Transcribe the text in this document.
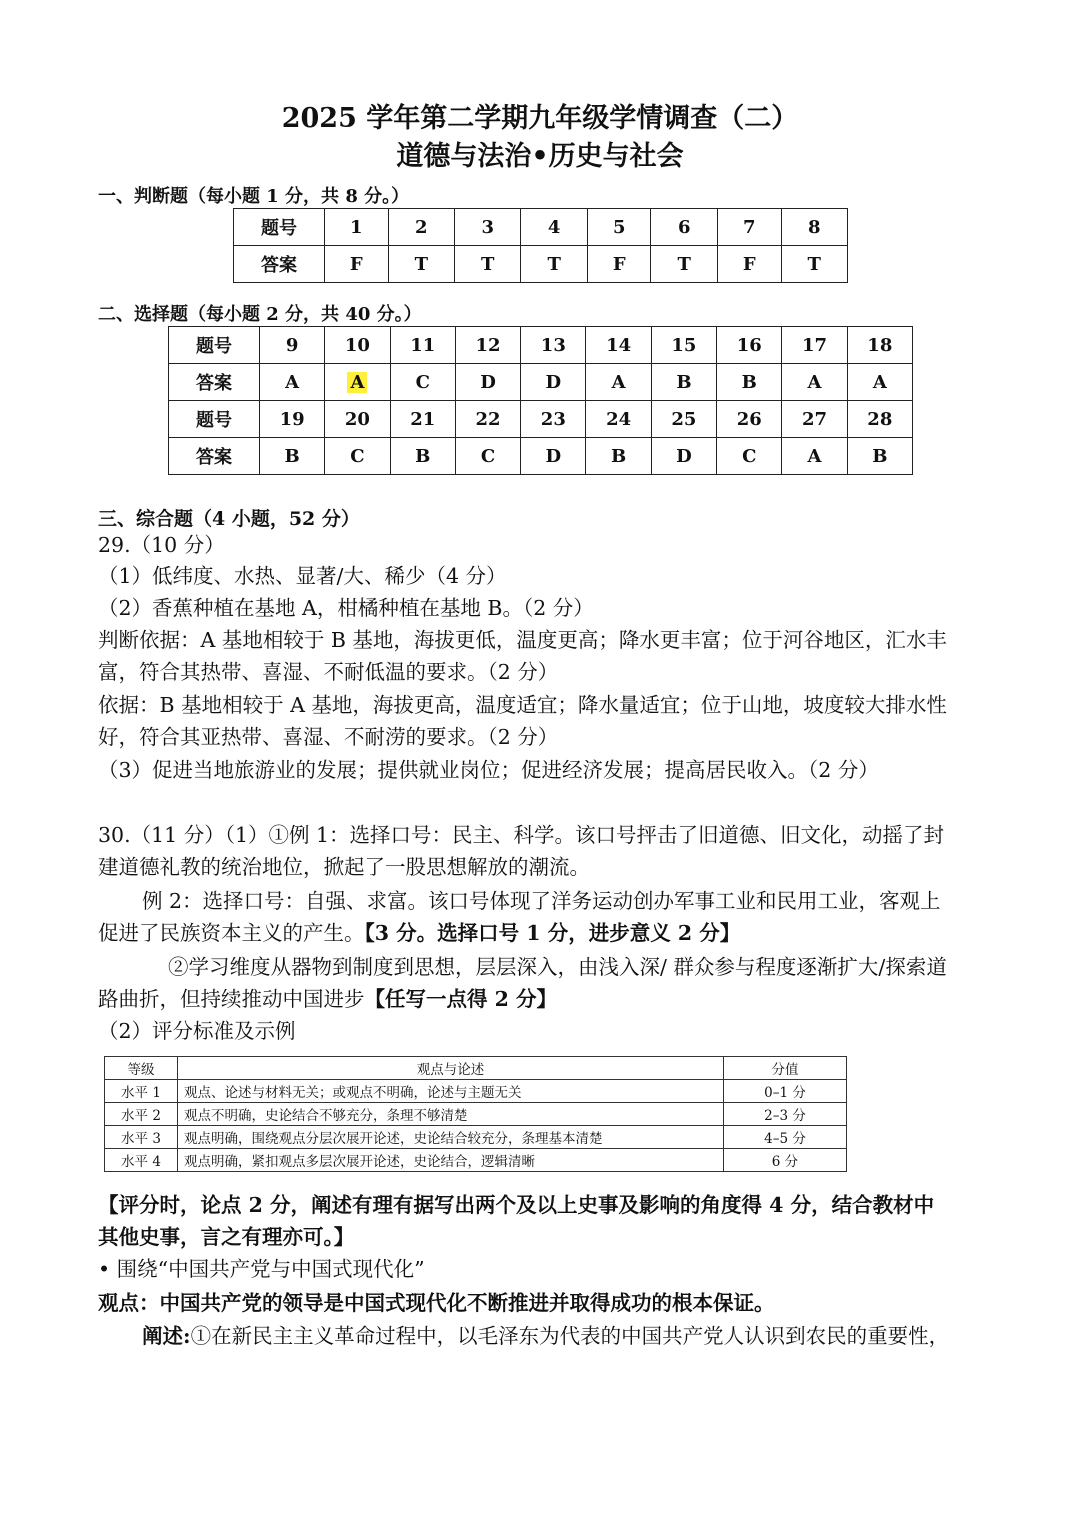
2025 学年第二学期九年级学情调查（二）
道德与法治•历史与社会
一、判断题（每小题 1 分，共 8 分。）
题号	1	2	3	4	5	6	7	8
答案	F	T	T	T	F	T	F	T
二、选择题（每小题 2 分，共 40 分。）
题号	9	10	11	12	13	14	15	16	17	18
答案	A	A	C	D	D	A	B	B	A	A
题号	19	20	21	22	23	24	25	26	27	28
答案	B	C	B	C	D	B	D	C	A	B
三、综合题（4 小题，52 分）
29.（10 分）
（1）低纬度、水热、显著/大、稀少（4 分）
（2）香蕉种植在基地 A，柑橘种植在基地 B。（2 分）
判断依据：A 基地相较于 B 基地，海拔更低，温度更高；降水更丰富；位于河谷地区，汇水丰
富，符合其热带、喜湿、不耐低温的要求。（2 分）
依据：B 基地相较于 A 基地，海拔更高，温度适宜；降水量适宜；位于山地，坡度较大排水性
好，符合其亚热带、喜湿、不耐涝的要求。（2 分）
（3）促进当地旅游业的发展；提供就业岗位；促进经济发展；提高居民收入。（2 分）
30.（11 分）（1）①例 1：选择口号：民主、科学。该口号抨击了旧道德、旧文化，动摇了封
建道德礼教的统治地位，掀起了一股思想解放的潮流。
例 2：选择口号：自强、求富。该口号体现了洋务运动创办军事工业和民用工业，客观上
促进了民族资本主义的产生。【3 分。选择口号 1 分，进步意义 2 分】
②学习维度从器物到制度到思想，层层深入，由浅入深/ 群众参与程度逐渐扩大/探索道
路曲折，但持续推动中国进步【任写一点得 2 分】
（2）评分标准及示例
等级	观点与论述	分值
水平 1	观点、论述与材料无关；或观点不明确，论述与主题无关	0–1 分
水平 2	观点不明确，史论结合不够充分，条理不够清楚	2–3 分
水平 3	观点明确，围绕观点分层次展开论述，史论结合较充分，条理基本清楚	4–5 分
水平 4	观点明确，紧扣观点多层次展开论述，史论结合，逻辑清晰	6 分
【评分时，论点 2 分，阐述有理有据写出两个及以上史事及影响的角度得 4 分，结合教材中
其他史事，言之有理亦可。】
• 围绕“中国共产党与中国式现代化”
观点：中国共产党的领导是中国式现代化不断推进并取得成功的根本保证。
阐述:①在新民主主义革命过程中，以毛泽东为代表的中国共产党人认识到农民的重要性，
